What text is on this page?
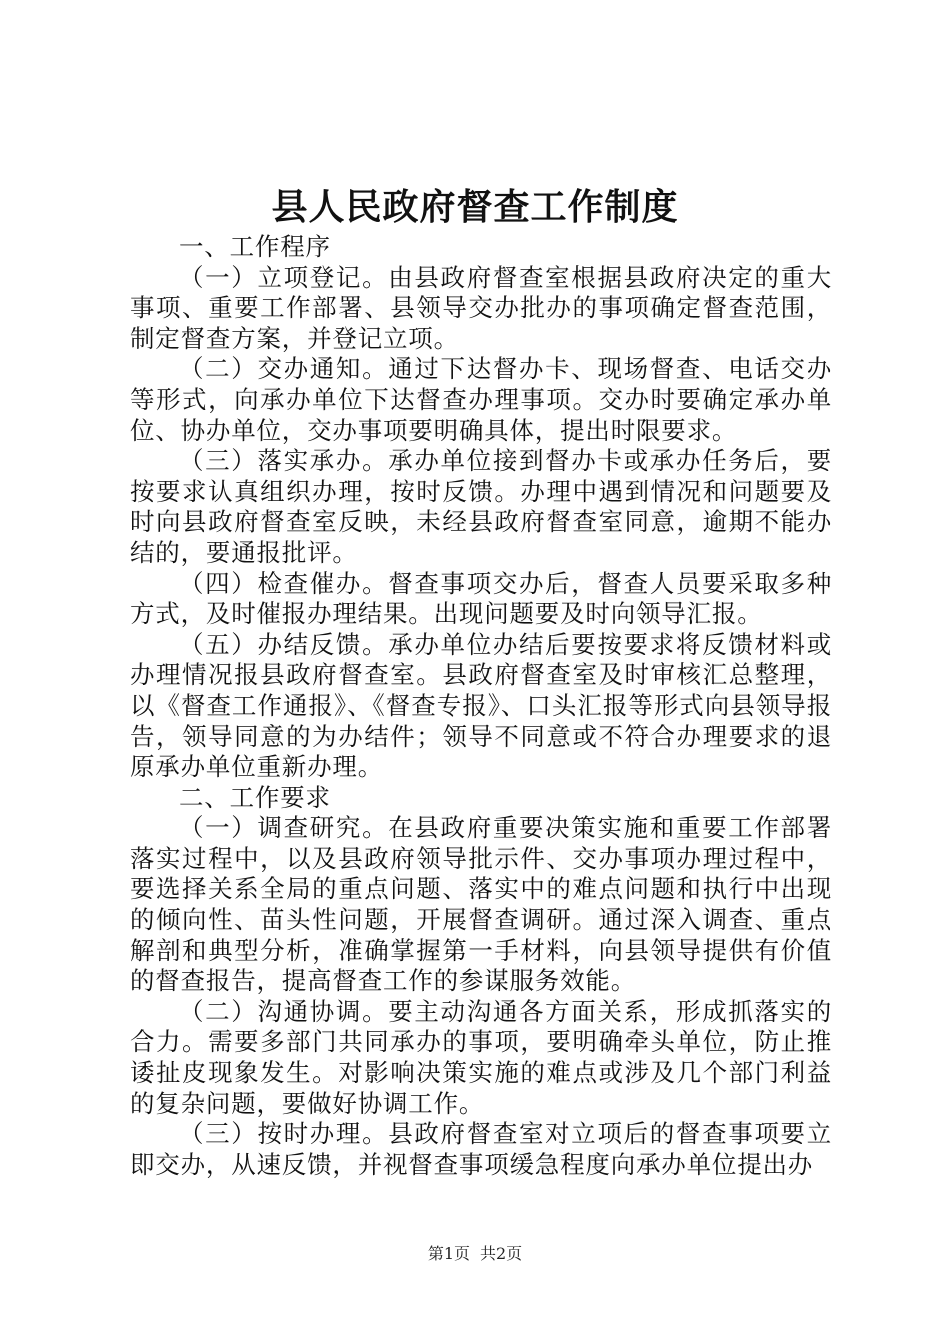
县人民政府督查工作制度

一、工作程序

（一）立项登记。由县政府督查室根据县政府决定的重大事项、重要工作部署、县领导交办批办的事项确定督查范围，制定督查方案，并登记立项。

（二）交办通知。通过下达督办卡、现场督查、电话交办等形式，向承办单位下达督查办理事项。交办时要确定承办单位、协办单位，交办事项要明确具体，提出时限要求。

（三）落实承办。承办单位接到督办卡或承办任务后，要按要求认真组织办理，按时反馈。办理中遇到情况和问题要及时向县政府督查室反映，未经县政府督查室同意，逾期不能办结的，要通报批评。

（四）检查催办。督查事项交办后，督查人员要采取多种方式，及时催报办理结果。出现问题要及时向领导汇报。

（五）办结反馈。承办单位办结后要按要求将反馈材料或办理情况报县政府督查室。县政府督查室及时审核汇总整理，以《督查工作通报》、《督查专报》、口头汇报等形式向县领导报告，领导同意的为办结件；领导不同意或不符合办理要求的退原承办单位重新办理。

二、工作要求

（一）调查研究。在县政府重要决策实施和重要工作部署落实过程中，以及县政府领导批示件、交办事项办理过程中，要选择关系全局的重点问题、落实中的难点问题和执行中出现的倾向性、苗头性问题，开展督查调研。通过深入调查、重点解剖和典型分析，准确掌握第一手材料，向县领导提供有价值的督查报告，提高督查工作的参谋服务效能。

（二）沟通协调。要主动沟通各方面关系，形成抓落实的合力。需要多部门共同承办的事项，要明确牵头单位，防止推诿扯皮现象发生。对影响决策实施的难点或涉及几个部门利益的复杂问题，要做好协调工作。

（三）按时办理。县政府督查室对立项后的督查事项要立即交办，从速反馈，并视督查事项缓急程度向承办单位提出办

第1页 共2页
